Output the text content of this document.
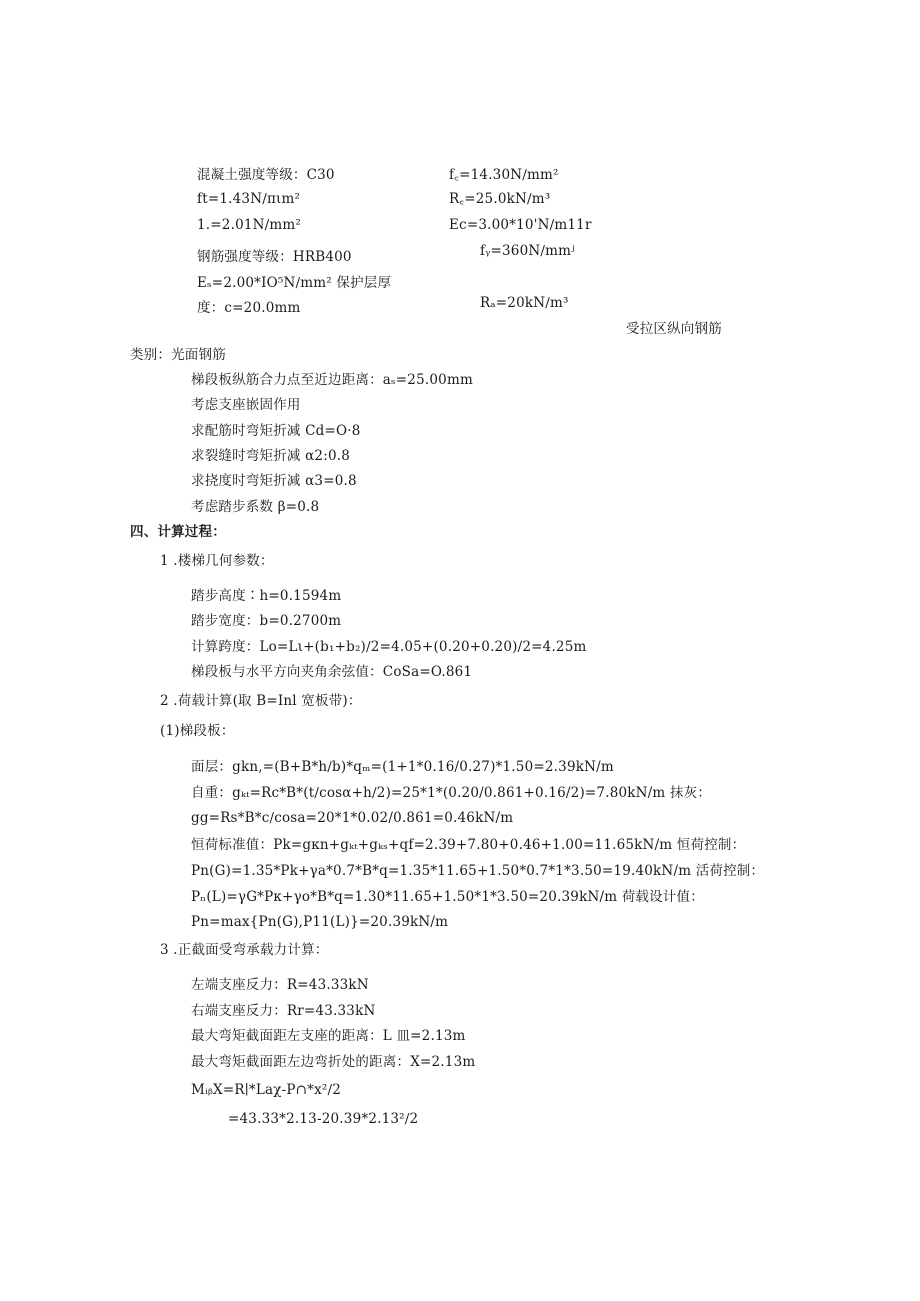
混凝土强度等级：C30	f꜀=14.30N∕mm²
ft=1.43N∕πιm²	R꜀=25.0kN∕m³
1.=2.01N∕mm²	Ec=3.00*10'N∕m11r
钢筋强度等级：HRB400	fᵧ=360N∕mmʲ
Eₛ=2.00*IO⁵N∕mm² 保护层厚
度：c=20.0mm	Rₐ=20kN∕m³
受拉区纵向钢筋
类别：光面钢筋
梯段板纵筋合力点至近边距离：aₛ=25.00mm
考虑支座嵌固作用
求配筋时弯矩折减 Cd=O·8
求裂缝时弯矩折减 α2:0.8
求挠度时弯矩折减 α3=0.8
考虑踏步系数 β=0.8
四、计算过程：
1 .楼梯几何参数：
踏步高度∶h=0.1594m
踏步宽度：b=0.2700m
计算跨度：Lo=Lι+(b₁+b₂)∕2=4.05+(0.20+0.20)/2=4.25m
梯段板与水平方向夹角余弦值：CoSa=O.861
2 .荷载计算(取 B=Inl 宽板带)：
(1)梯段板：
面层：gkn,=(B+B*h∕b)*qₘ=(1+1*0.16/0.27)*1.50=2.39kN/m
自重：gₖₜ=Rc*B*(t∕cosα+h∕2)=25*1*(0.20/0.861+0.16/2)=7.80kN/m 抹灰：
gg=Rs*B*c∕cosa=20*1*0.02/0.861=0.46kN/m
恒荷标准值：Pk=gκn+gₖₜ+gₖₛ+qf=2.39+7.80+0.46+1.00=11.65kN/m 恒荷控制：
Pn(G)=1.35*Pk+γa*0.7*B*q=1.35*11.65+1.50*0.7*1*3.50=19.40kN/m 活荷控制：
Pₙ(L)=γG*Pκ+γo*B*q=1.30*11.65+1.50*1*3.50=20.39kN/m 荷载设计值：
Pn=max{Pn(G),P11(L)}=20.39kN/m
3 .正截面受弯承载力计算：
左端支座反力：R=43.33kN
右端支座反力：Rr=43.33kN
最大弯矩截面距左支座的距离：L 皿=2.13m
最大弯矩截面距左边弯折处的距离：X=2.13m
MᵢᵦX=R∣*Laχ-P∩*x²∕2
=43.33*2.13-20.39*2.13²∕2
